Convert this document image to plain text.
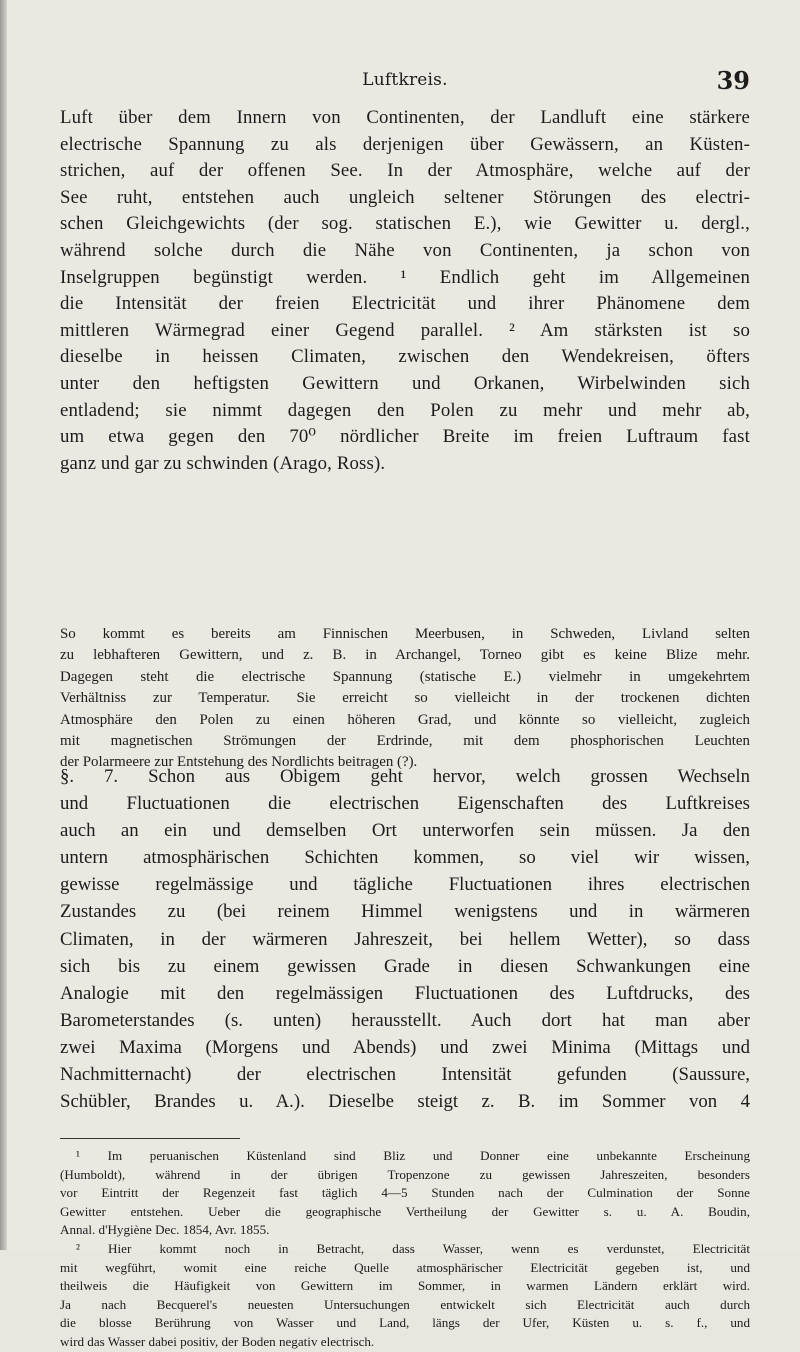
Luftkreis.	39
Luft über dem Innern von Continenten, der Landluft eine stärkere
electrische Spannung zu als derjenigen über Gewässern, an Küsten-
strichen, auf der offenen See. In der Atmosphäre, welche auf der
See ruht, entstehen auch ungleich seltener Störungen des electri-
schen Gleichgewichts (der sog. statischen E.), wie Gewitter u. dergl.,
während solche durch die Nähe von Continenten, ja schon von
Inselgruppen begünstigt werden. ¹ Endlich geht im Allgemeinen
die Intensität der freien Electricität und ihrer Phänomene dem
mittleren Wärmegrad einer Gegend parallel. ² Am stärksten ist so
dieselbe in heissen Climaten, zwischen den Wendekreisen, öfters
unter den heftigsten Gewittern und Orkanen, Wirbelwinden sich
entladend; sie nimmt dagegen den Polen zu mehr und mehr ab,
um etwa gegen den 70⁰ nördlicher Breite im freien Luftraum fast
ganz und gar zu schwinden (Arago, Ross).
So kommt es bereits am Finnischen Meerbusen, in Schweden, Livland selten
zu lebhafteren Gewittern, und z. B. in Archangel, Torneo gibt es keine Blize mehr.
Dagegen steht die electrische Spannung (statische E.) vielmehr in umgekehrtem
Verhältniss zur Temperatur. Sie erreicht so vielleicht in der trockenen dichten
Atmosphäre den Polen zu einen höheren Grad, und könnte so vielleicht, zugleich
mit magnetischen Strömungen der Erdrinde, mit dem phosphorischen Leuchten
der Polarmeere zur Entstehung des Nordlichts beitragen (?).
§. 7. Schon aus Obigem geht hervor, welch grossen Wechseln
und Fluctuationen die electrischen Eigenschaften des Luftkreises
auch an ein und demselben Ort unterworfen sein müssen. Ja den
untern atmosphärischen Schichten kommen, so viel wir wissen,
gewisse regelmässige und tägliche Fluctuationen ihres electrischen
Zustandes zu (bei reinem Himmel wenigstens und in wärmeren
Climaten, in der wärmeren Jahreszeit, bei hellem Wetter), so dass
sich bis zu einem gewissen Grade in diesen Schwankungen eine
Analogie mit den regelmässigen Fluctuationen des Luftdrucks, des
Barometerstandes (s. unten) herausstellt. Auch dort hat man aber
zwei Maxima (Morgens und Abends) und zwei Minima (Mittags und
Nachmitternacht) der electrischen Intensität gefunden (Saussure,
Schübler, Brandes u. A.). Dieselbe steigt z. B. im Sommer von 4
¹ Im peruanischen Küstenland sind Bliz und Donner eine unbekannte Erscheinung
(Humboldt), während in der übrigen Tropenzone zu gewissen Jahreszeiten, besonders
vor Eintritt der Regenzeit fast täglich 4—5 Stunden nach der Culmination der Sonne
Gewitter entstehen. Ueber die geographische Vertheilung der Gewitter s. u. A. Boudin,
Annal. d'Hygiène Dec. 1854, Avr. 1855.
² Hier kommt noch in Betracht, dass Wasser, wenn es verdunstet, Electricität
mit wegführt, womit eine reiche Quelle atmosphärischer Electricität gegeben ist, und
theilweis die Häufigkeit von Gewittern im Sommer, in warmen Ländern erklärt wird.
Ja nach Becquerel's neuesten Untersuchungen entwickelt sich Electricität auch durch
die blosse Berührung von Wasser und Land, längs der Ufer, Küsten u. s. f., und
wird das Wasser dabei positiv, der Boden negativ electrisch.
